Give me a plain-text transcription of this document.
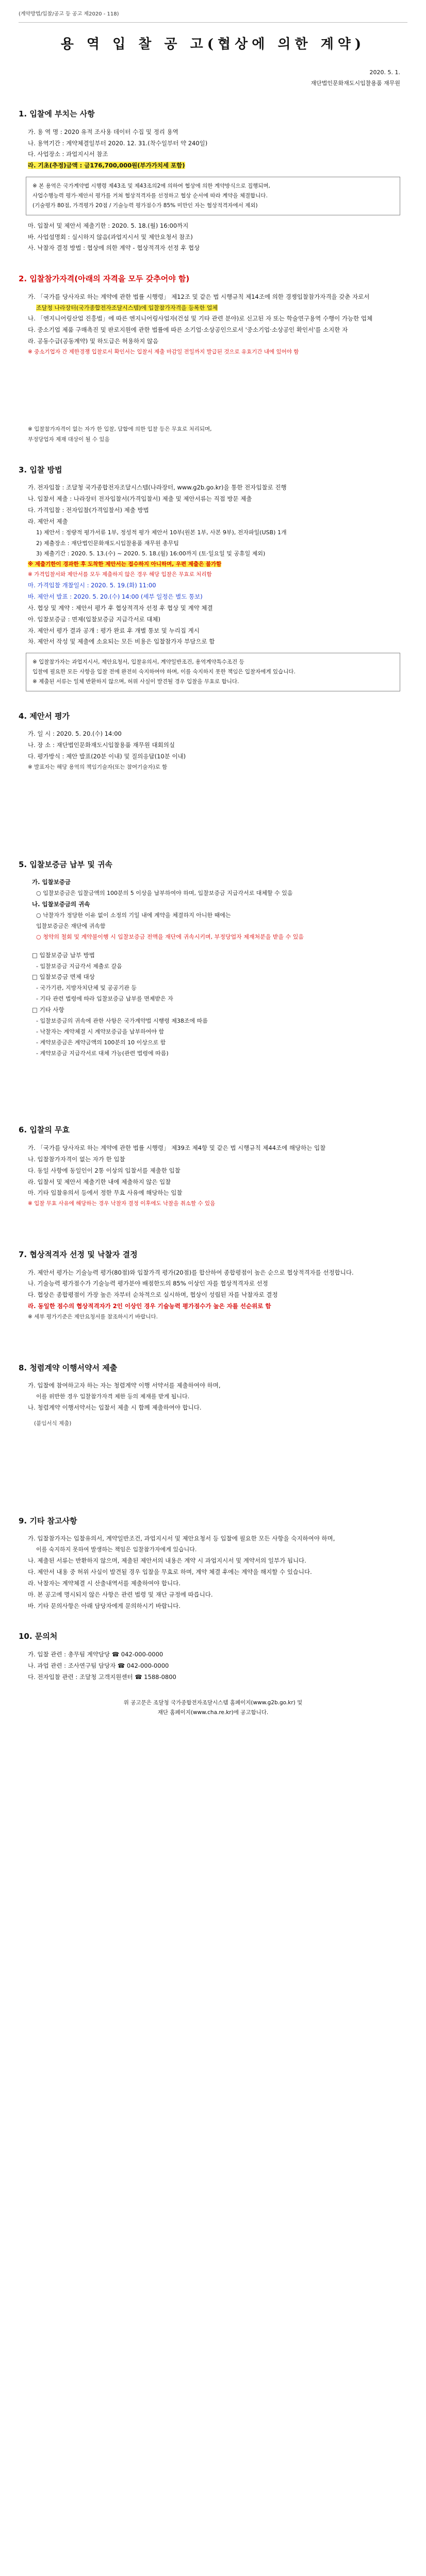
(계약방법/입찰/공고 등 공고 제2020 - 118)
용 역 입 찰 공 고(협상에 의한 계약)
2020. 5. 1.
재단법인문화재도시입찰용품 재무원
1. 입찰에 부치는 사항
가. 용 역 명 : 2020 유적 조사용 데이터 수집 및 정리 용역
나. 용역기간 : 계약체결일부터 2020. 12. 31.(착수일부터 약 240일)
다. 사업장소 : 과업지시서 참조
라. 기초(추정)금액 : 금176,700,000원(부가가치세 포함)
※ 본 용역은 국가계약법 시행령 제43조 및 제43조의2에 의하여 협상에 의한 계약방식으로 집행되며,
사업수행능력 평가·제안서 평가를 거쳐 협상적격자를 선정하고 협상 순서에 따라 계약을 체결합니다.
(기술평가 80점, 가격평가 20점 / 기술능력 평가점수가 85% 미만인 자는 협상적격자에서 제외)
마. 입찰서 및 제안서 제출기한 : 2020. 5. 18.(월) 16:00까지
바. 사업설명회 : 실시하지 않음(과업지시서 및 제안요청서 참조)
사. 낙찰자 결정 방법 : 협상에 의한 계약 - 협상적격자 선정 후 협상
2. 입찰참가자격(아래의 자격을 모두 갖추어야 함)
가. 「국가를 당사자로 하는 계약에 관한 법률 시행령」 제12조 및 같은 법 시행규칙 제14조에 의한 경쟁입찰참가자격을 갖춘 자로서
조달청 나라장터(국가종합전자조달시스템)에 입찰참가자격을 등록한 업체
나. 「엔지니어링산업 진흥법」에 따른 엔지니어링사업자(건설 및 기타 관련 분야)로 신고된 자 또는 학술연구용역 수행이 가능한 업체
다. 중소기업 제품 구매촉진 및 판로지원에 관한 법률에 따른 소기업·소상공인으로서 '중소기업·소상공인 확인서'를 소지한 자
라. 공동수급(공동계약) 및 하도급은 허용하지 않음
※ 중소기업자 간 제한경쟁 입찰로서 확인서는 입찰서 제출 마감일 전일까지 발급된 것으로 유효기간 내에 있어야 함
※ 입찰참가자격이 없는 자가 한 입찰, 담합에 의한 입찰 등은 무효로 처리되며,
부정당업자 제재 대상이 될 수 있음
3. 입찰 방법
가. 전자입찰 : 조달청 국가종합전자조달시스템(나라장터, www.g2b.go.kr)을 통한 전자입찰로 진행
나. 입찰서 제출 : 나라장터 전자입찰서(가격입찰서) 제출 및 제안서류는 직접 방문 제출
다. 가격입찰 : 전자입찰(가격입찰서) 제출 방법
라. 제안서 제출
1) 제안서 : 정량적 평가서류 1부, 정성적 평가 제안서 10부(원본 1부, 사본 9부), 전자파일(USB) 1개
2) 제출장소 : 재단법인문화재도시입찰용품 재무원 총무팀
3) 제출기간 : 2020. 5. 13.(수) ~ 2020. 5. 18.(월) 16:00까지 (토·일요일 및 공휴일 제외)
※ 제출기한이 경과한 후 도착한 제안서는 접수하지 아니하며, 우편 제출은 불가함
※ 가격입찰서와 제안서를 모두 제출하지 않은 경우 해당 입찰은 무효로 처리함
마. 가격입찰 개찰일시 : 2020. 5. 19.(화) 11:00
바. 제안서 발표 : 2020. 5. 20.(수) 14:00 (세부 일정은 별도 통보)
사. 협상 및 계약 : 제안서 평가 후 협상적격자 선정 후 협상 및 계약 체결
아. 입찰보증금 : 면제(입찰보증금 지급각서로 대체)
자. 제안서 평가 결과 공개 : 평가 완료 후 개별 통보 및 누리집 게시
차. 제안서 작성 및 제출에 소요되는 모든 비용은 입찰참가자 부담으로 함
※ 입찰참가자는 과업지시서, 제안요청서, 입찰유의서, 계약일반조건, 용역계약특수조건 등
입찰에 필요한 모든 사항을 입찰 전에 완전히 숙지하여야 하며, 이를 숙지하지 못한 책임은 입찰자에게 있습니다.
※ 제출된 서류는 일체 반환하지 않으며, 허위 사실이 발견될 경우 입찰을 무효로 합니다.
4. 제안서 평가
가. 일 시 : 2020. 5. 20.(수) 14:00
나. 장 소 : 재단법인문화재도시입찰용품 재무원 대회의실
다. 평가방식 : 제안 발표(20분 이내) 및 질의응답(10분 이내)
※ 발표자는 해당 용역의 책임기술자(또는 참여기술자)로 함
5. 입찰보증금 납부 및 귀속
가. 입찰보증금
○ 입찰보증금은 입찰금액의 100분의 5 이상을 납부하여야 하며, 입찰보증금 지급각서로 대체할 수 있음
나. 입찰보증금의 귀속
○ 낙찰자가 정당한 이유 없이 소정의 기일 내에 계약을 체결하지 아니한 때에는
입찰보증금은 재단에 귀속함
○ 청약의 철회 및 계약불이행 시 입찰보증금 전액을 재단에 귀속시키며, 부정당업자 제재처분을 받을 수 있음
□ 입찰보증금 납부 방법
- 입찰보증금 지급각서 제출로 갈음
□ 입찰보증금 면제 대상
- 국가기관, 지방자치단체 및 공공기관 등
- 기타 관련 법령에 따라 입찰보증금 납부를 면제받은 자
□ 기타 사항
- 입찰보증금의 귀속에 관한 사항은 국가계약법 시행령 제38조에 따름
- 낙찰자는 계약체결 시 계약보증금을 납부하여야 함
- 계약보증금은 계약금액의 100분의 10 이상으로 함
- 계약보증금 지급각서로 대체 가능(관련 법령에 따름)
6. 입찰의 무효
가. 「국가를 당사자로 하는 계약에 관한 법률 시행령」 제39조 제4항 및 같은 법 시행규칙 제44조에 해당하는 입찰
나. 입찰참가자격이 없는 자가 한 입찰
다. 동일 사항에 동일인이 2통 이상의 입찰서를 제출한 입찰
라. 입찰서 및 제안서 제출기한 내에 제출하지 않은 입찰
마. 기타 입찰유의서 등에서 정한 무효 사유에 해당하는 입찰
※ 입찰 무효 사유에 해당하는 경우 낙찰자 결정 이후에도 낙찰을 취소할 수 있음
7. 협상적격자 선정 및 낙찰자 결정
가. 제안서 평가는 기술능력 평가(80점)와 입찰가격 평가(20점)를 합산하여 종합평점이 높은 순으로 협상적격자를 선정합니다.
나. 기술능력 평가점수가 기술능력 평가분야 배점한도의 85% 이상인 자를 협상적격자로 선정
다. 협상은 종합평점이 가장 높은 자부터 순차적으로 실시하며, 협상이 성립된 자를 낙찰자로 결정
라. 동일한 점수의 협상적격자가 2인 이상인 경우 기술능력 평가점수가 높은 자를 선순위로 함
※ 세부 평가기준은 제안요청서를 참조하시기 바랍니다.
8. 청렴계약 이행서약서 제출
가. 입찰에 참여하고자 하는 자는 청렴계약 이행 서약서를 제출하여야 하며,
이를 위반한 경우 입찰참가자격 제한 등의 제재를 받게 됩니다.
나. 청렴계약 이행서약서는 입찰서 제출 시 함께 제출하여야 합니다.
(붙임서식 제출)
9. 기타 참고사항
가. 입찰참가자는 입찰유의서, 계약일반조건, 과업지시서 및 제안요청서 등 입찰에 필요한 모든 사항을 숙지하여야 하며,
이를 숙지하지 못하여 발생하는 책임은 입찰참가자에게 있습니다.
나. 제출된 서류는 반환하지 않으며, 제출된 제안서의 내용은 계약 시 과업지시서 및 계약서의 일부가 됩니다.
다. 제안서 내용 중 허위 사실이 발견될 경우 입찰을 무효로 하며, 계약 체결 후에는 계약을 해지할 수 있습니다.
라. 낙찰자는 계약체결 시 산출내역서를 제출하여야 합니다.
마. 본 공고에 명시되지 않은 사항은 관련 법령 및 재단 규정에 따릅니다.
바. 기타 문의사항은 아래 담당자에게 문의하시기 바랍니다.
10. 문의처
가. 입찰 관련 : 총무팀 계약담당 ☎ 042-000-0000
나. 과업 관련 : 조사연구팀 담당자 ☎ 042-000-0000
다. 전자입찰 관련 : 조달청 고객지원센터 ☎ 1588-0800
위 공고문은 조달청 국가종합전자조달시스템 홈페이지(www.g2b.go.kr) 및
재단 홈페이지(www.cha.re.kr)에 공고합니다.
